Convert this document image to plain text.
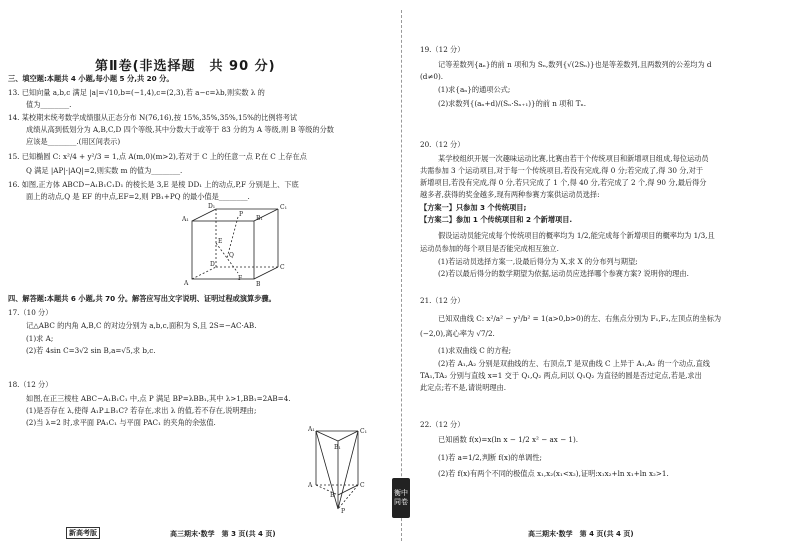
第Ⅱ卷(非选择题　共 90 分)
三、填空题:本题共 4 小题,每小题 5 分,共 20 分。
13. 已知向量 a,b,c 满足 |a|=√10,b=(−1,4),c=(2,3),若 a−c=λb,则实数 λ 的
值为________.
14. 某校期末统考数学成绩服从正态分布 N(76,16),按 15%,35%,35%,15%的比例将考试
成绩从高到低划分为 A,B,C,D 四个等级,其中分数大于或等于 83 分的为 A 等级,则 B 等级的分数
应该是________.(用区间表示)
15. 已知椭圆 C: x²/4 + y²/3 = 1,点 A(m,0)(m>2),若对于 C 上的任意一点 P,在 C 上存在点
Q 满足 |AP|·|AQ|=2,则实数 m 的值为________.
16. 如图,正方体 ABCD−A₁B₁C₁D₁ 的棱长是 3,E 是棱 DD₁ 上的动点,P,F 分别是上、下底
面上的动点,Q 是 EF 的中点,EF=2,则 PB₁+PQ 的最小值是________.
D₁	C₁
A₁	B₁
D	C
A	B
E
F
P
Q
四、解答题:本题共 6 小题,共 70 分。解答应写出文字说明、证明过程或演算步骤。
17.（10 分）
记△ABC 的内角 A,B,C 的对边分别为 a,b,c,面积为 S,且 2S=−AC·AB.
(1)求 A;
(2)若 4sin C=3√2 sin B,a=√5,求 b,c.
18.（12 分）
如图,在正三棱柱 ABC−A₁B₁C₁ 中,点 P 满足 BP=λBB₁,其中 λ>1,BB₁=2AB=4.
(1)是否存在 λ,使得 A₁P⊥B₁C? 若存在,求出 λ 的值,若不存在,说明理由;
(2)当 λ=2 时,求平面 PA₁C₁ 与平面 PAC₁ 的夹角的余弦值.
A₁
B₁
C₁
A
B
C
P
新高考版	高三期末·数学　第 3 页(共 4 页)
衡中
同卷
19.（12 分）
记等差数列{aₙ}的前 n 项和为 Sₙ,数列{√(2Sₙ)}也是等差数列,且两数列的公差均为 d
(d≠0).
(1)求{aₙ}的通项公式;
(2)求数列{(aₙ+d)/(Sₙ·Sₙ₊₁)}的前 n 项和 Tₙ.
20.（12 分）
某学校组织开展一次趣味运动比赛,比赛由若干个传统项目和新增项目组成,每位运动员
共需参加 3 个运动项目,对于每一个传统项目,若没有完成,得 0 分;若完成了,得 30 分,对于
新增项目,若没有完成,得 0 分,若只完成了 1 个,得 40 分,若完成了 2 个,得 90 分,最后得分
越多者,获得的奖金越多,现有两种参赛方案供运动员选择:
【方案一】只参加 3 个传统项目;
【方案二】参加 1 个传统项目和 2 个新增项目.
假设运动员能完成每个传统项目的概率均为 1/2,能完成每个新增项目的概率均为 1/3,且
运动员参加的每个项目是否能完成相互独立.
(1)若运动员选择方案一,设最后得分为 X,求 X 的分布列与期望;
(2)若以最后得分的数学期望为依据,运动员应选择哪个参赛方案? 说明你的理由.
21.（12 分）
已知双曲线 C: x²/a² − y²/b² = 1(a>0,b>0)的左、右焦点分别为 F₁,F₂,左顶点的坐标为
(−2,0),离心率为 √7/2.
(1)求双曲线 C 的方程;
(2)若 A₁,A₂ 分别是双曲线的左、右顶点,T 是双曲线 C 上异于 A₁,A₂ 的一个动点,直线
TA₁,TA₂ 分别与直线 x=1 交于 Q₁,Q₂ 两点,问以 Q₁Q₂ 为直径的圆是否过定点,若是,求出
此定点;若不是,请说明理由.
22.（12 分）
已知函数 f(x)=x(ln x − 1/2 x² − ax − 1).
(1)若 a=1/2,判断 f(x)的单调性;
(2)若 f(x)有两个不同的极值点 x₁,x₂(x₁<x₂),证明:x₁x₂+ln x₁+ln x₂>1.
高三期末·数学　第 4 页(共 4 页)
